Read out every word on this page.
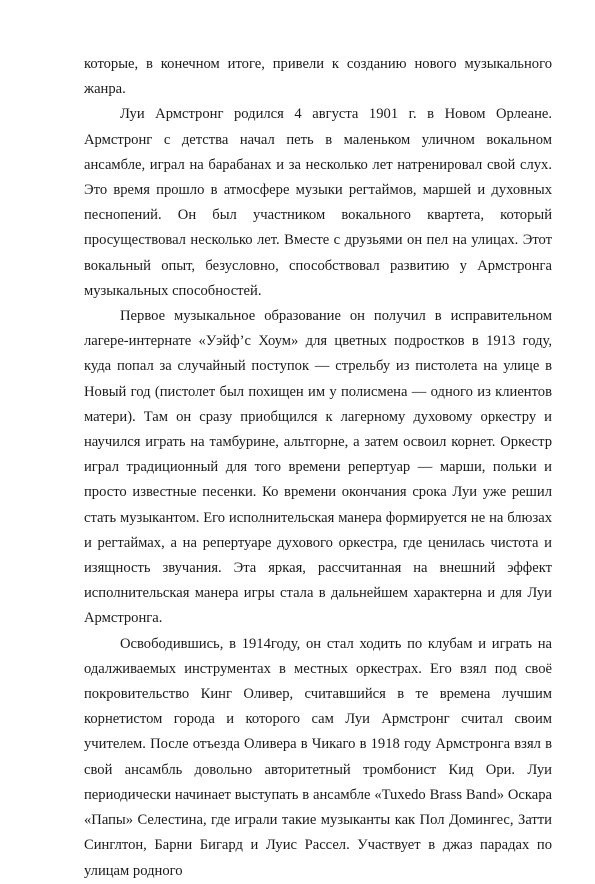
которые, в конечном итоге, привели к созданию нового музыкального жанра.

Луи Армстронг родился 4 августа 1901 г. в Новом Орлеане. Армстронг с детства начал петь в маленьком уличном вокальном ансамбле, играл на барабанах и за несколько лет натренировал свой слух. Это время прошло в атмосфере музыки регтаймов, маршей и духовных песнопений. Он был участником вокального квартета, который просуществовал несколько лет. Вместе с друзьями он пел на улицах. Этот вокальный опыт, безусловно, способствовал развитию у Армстронга музыкальных способностей.

Первое музыкальное образование он получил в исправительном лагере-интернате «Уэйф’с Хоум» для цветных подростков в 1913 году, куда попал за случайный поступок — стрельбу из пистолета на улице в Новый год (пистолет был похищен им у полисмена — одного из клиентов матери). Там он сразу приобщился к лагерному духовому оркестру и научился играть на тамбурине, альтгорне, а затем освоил корнет. Оркестр играл традиционный для того времени репертуар — марши, польки и просто известные песенки. Ко времени окончания срока Луи уже решил стать музыкантом. Его исполнительская манера формируется не на блюзах и регтаймах, а на репертуаре духового оркестра, где ценилась чистота и изящность звучания. Эта яркая, рассчитанная на внешний эффект исполнительская манера игры стала в дальнейшем характерна и для Луи Армстронга.

Освободившись, в 1914году, он стал ходить по клубам и играть на одалживаемых инструментах в местных оркестрах. Его взял под своё покровительство Кинг Оливер, считавшийся в те времена лучшим корнетистом города и которого сам Луи Армстронг считал своим учителем. После отъезда Оливера в Чикаго в 1918 году Армстронга взял в свой ансамбль довольно авторитетный тромбонист Кид Ори. Луи периодически начинает выступать в ансамбле «Tuxedo Brass Band» Оскара «Папы» Селестина, где играли такие музыканты как Пол Домингес, Затти Синглтон, Барни Бигард и Луис Рассел. Участвует в джаз парадах по улицам родного
